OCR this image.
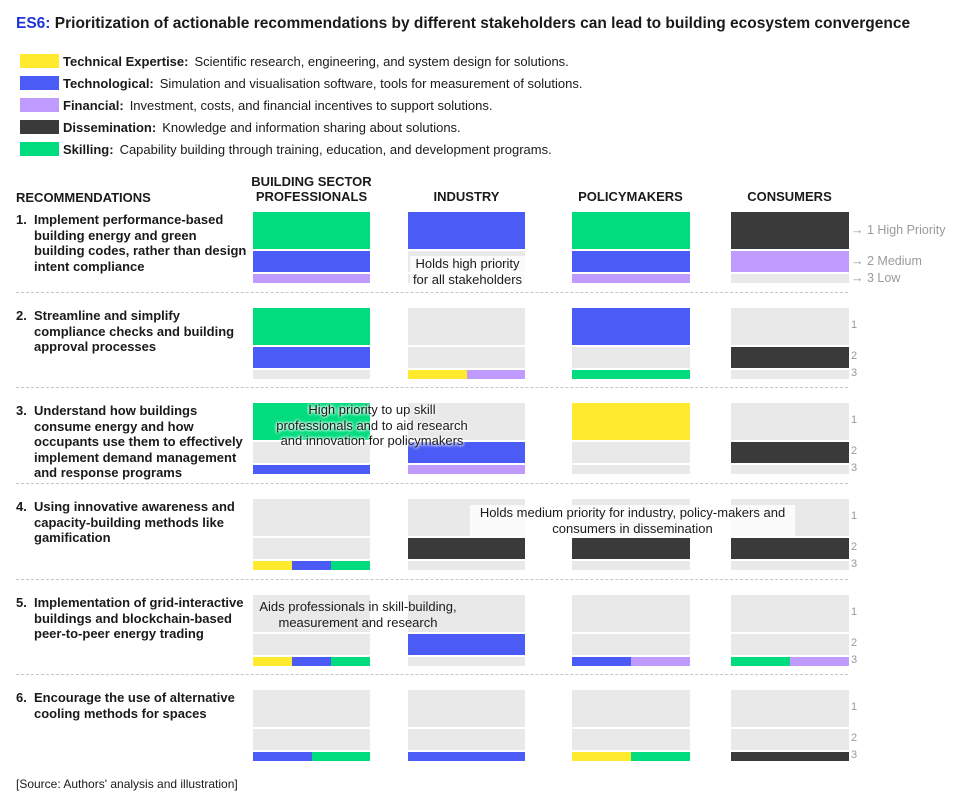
ES6: Prioritization of actionable recommendations by different stakeholders can lead to building ecosystem convergence
Technical Expertise: Scientific research, engineering, and system design for solutions.
Technological: Simulation and visualisation software, tools for measurement of solutions.
Financial: Investment, costs, and financial incentives to support solutions.
Dissemination: Knowledge and information sharing about solutions.
Skilling: Capability building through training, education, and development programs.
RECOMMENDATIONS
BUILDING SECTOR
PROFESSIONALS	INDUSTRY	POLICYMAKERS	CONSUMERS
1. Implement performance-based building energy and green building codes, rather than design intent compliance
→ 1 High Priority
→ 2 Medium
→ 3 Low
2. Streamline and simplify compliance checks and building approval processes
1
2
3
3. Understand how buildings consume energy and how occupants use them to effectively implement demand management and response programs
1
2
3
4. Using innovative awareness and capacity-building methods like gamification
1
2
3
5. Implementation of grid-interactive buildings and blockchain-based peer-to-peer energy trading
1
2
3
6. Encourage the use of alternative cooling methods for spaces	1
2
3
Holds high priority
for all stakeholders
High priority to up skill
professionals and to aid research
and innovation for policymakers
Holds medium priority for industry, policy-makers and
consumers in dissemination
Aids professionals in skill-building,
measurement and research
[Source: Authors' analysis and illustration]
